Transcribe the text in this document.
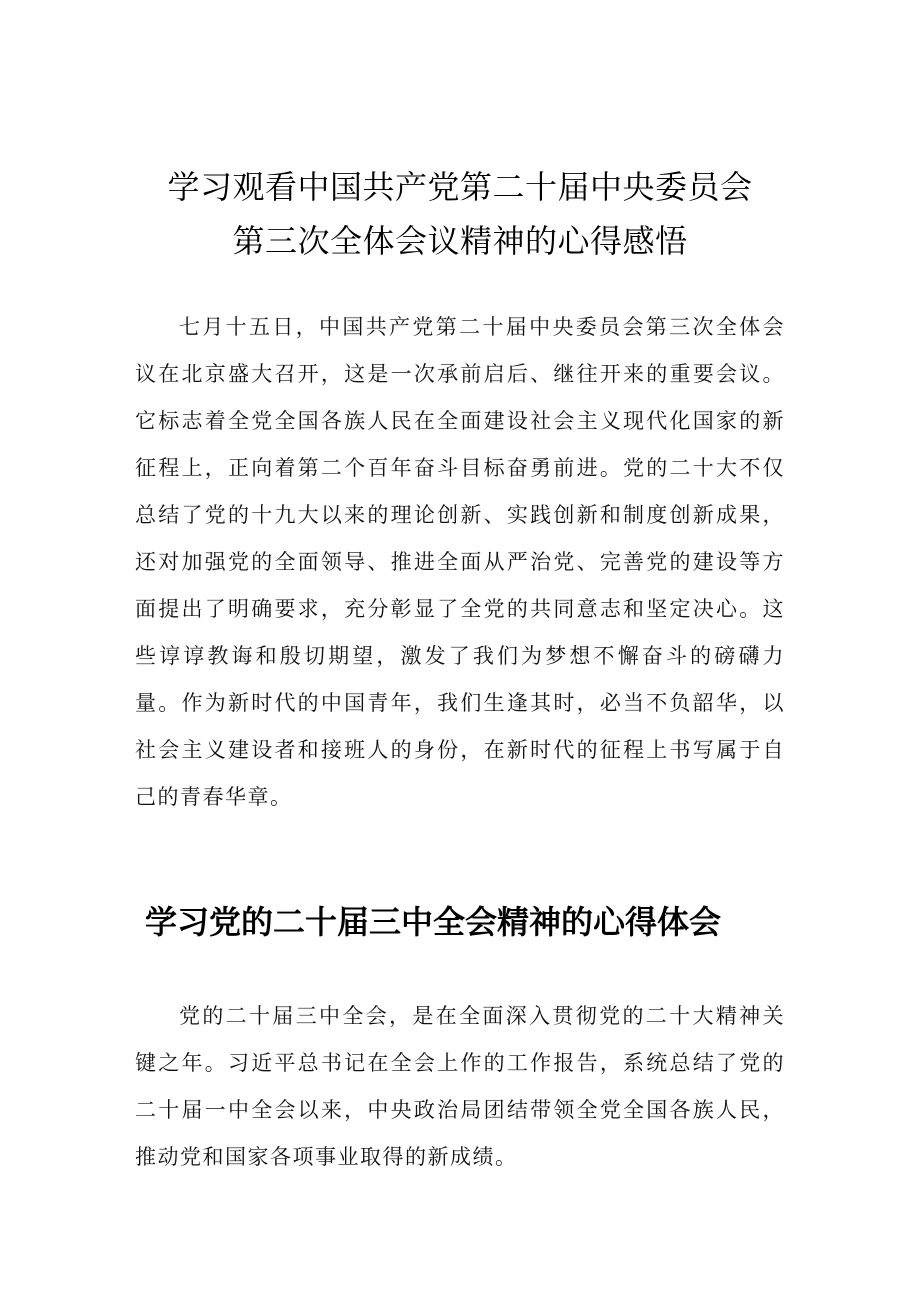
学习观看中国共产党第二十届中央委员会
第三次全体会议精神的心得感悟

七月十五日，中国共产党第二十届中央委员会第三次全体会议在北京盛大召开，这是一次承前启后、继往开来的重要会议。它标志着全党全国各族人民在全面建设社会主义现代化国家的新征程上，正向着第二个百年奋斗目标奋勇前进。党的二十大不仅总结了党的十九大以来的理论创新、实践创新和制度创新成果，还对加强党的全面领导、推进全面从严治党、完善党的建设等方面提出了明确要求，充分彰显了全党的共同意志和坚定决心。这些谆谆教诲和殷切期望，激发了我们为梦想不懈奋斗的磅礴力量。作为新时代的中国青年，我们生逢其时，必当不负韶华，以社会主义建设者和接班人的身份，在新时代的征程上书写属于自己的青春华章。

学习党的二十届三中全会精神的心得体会

党的二十届三中全会，是在全面深入贯彻党的二十大精神关键之年。习近平总书记在全会上作的工作报告，系统总结了党的二十届一中全会以来，中央政治局团结带领全党全国各族人民，推动党和国家各项事业取得的新成绩。
